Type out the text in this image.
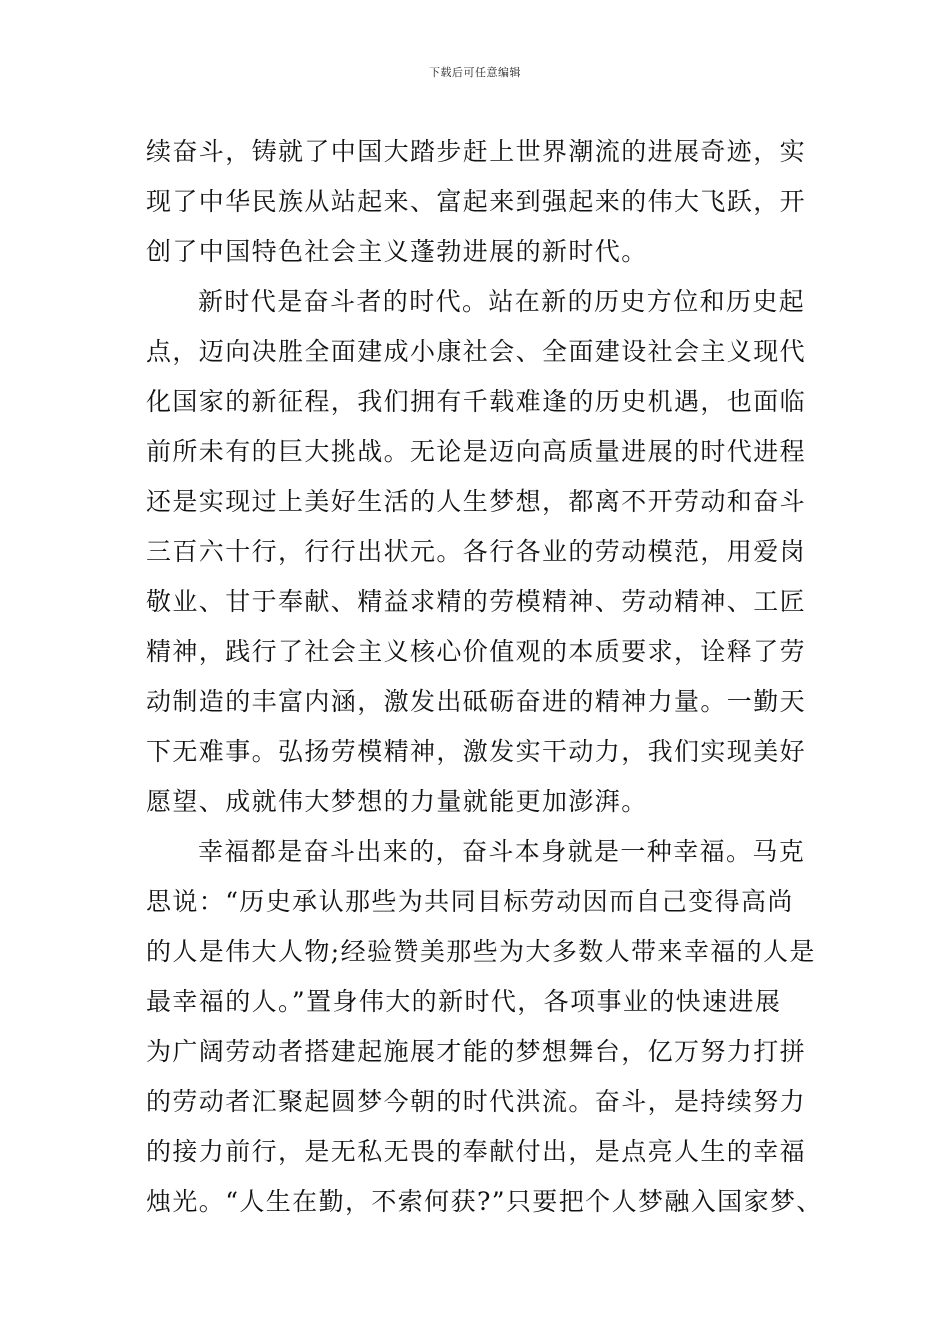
下载后可任意编辑
续奋斗，铸就了中国大踏步赶上世界潮流的进展奇迹，实
现了中华民族从站起来、富起来到强起来的伟大飞跃，开
创了中国特色社会主义蓬勃进展的新时代。
新时代是奋斗者的时代。站在新的历史方位和历史起
点，迈向决胜全面建成小康社会、全面建设社会主义现代
化国家的新征程，我们拥有千载难逢的历史机遇，也面临
前所未有的巨大挑战。无论是迈向高质量进展的时代进程
还是实现过上美好生活的人生梦想，都离不开劳动和奋斗
三百六十行，行行出状元。各行各业的劳动模范，用爱岗
敬业、甘于奉献、精益求精的劳模精神、劳动精神、工匠
精神，践行了社会主义核心价值观的本质要求，诠释了劳
动制造的丰富内涵，激发出砥砺奋进的精神力量。一勤天
下无难事。弘扬劳模精神，激发实干动力，我们实现美好
愿望、成就伟大梦想的力量就能更加澎湃。
幸福都是奋斗出来的，奋斗本身就是一种幸福。马克
思说：“历史承认那些为共同目标劳动因而自己变得高尚
的人是伟大人物;经验赞美那些为大多数人带来幸福的人是
最幸福的人。”置身伟大的新时代，各项事业的快速进展
为广阔劳动者搭建起施展才能的梦想舞台，亿万努力打拼
的劳动者汇聚起圆梦今朝的时代洪流。奋斗，是持续努力
的接力前行，是无私无畏的奉献付出，是点亮人生的幸福
烛光。“人生在勤，不索何获?”只要把个人梦融入国家梦、
